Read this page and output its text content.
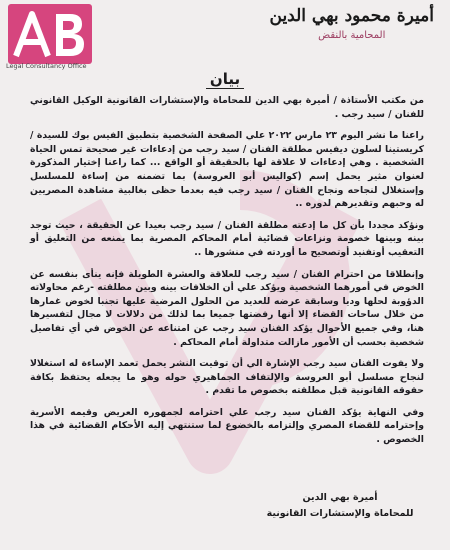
Legal Consultancy Office
أميرة محمود بهي الدين
المحامية بالنقض
بيان

من مكتب الأستاذة / أميرة بهي الدين للمحاماة والإستشارات القانونية الوكيل القانوني للفنان / سيد رجب .

راعنا ما نشر اليوم ٢٣ مارس ٢٠٢٢ علي الصفحة الشخصية بتطبيق الفيس بوك للسيدة / كريستينا لسلون ديفيس مطلقة الفنان / سيد رجب من إدعاءات غير صحيحة تمس الحياة الشخصية . وهي إدعاءات لا علاقة لها بالحقيقة أو الواقع ... كما راعنا إختيار المذكورة لعنوان مثير يحمل إسم (كواليس أبو العروسة) بما تضمنه من إساءة للمسلسل وإستغلال لنجاحه ونجاح الفنان / سيد رجب فيه بعدما حظى بغالبية مشاهدة المصريين له وحبهم وتقديرهم لدوره ..

ونؤكد مجددا بأن كل ما إدعته مطلقة الفنان / سيد رجب بعيدا عن الحقيقة ، حيث توجد بينه وبينها خصومة ونزاعات قضائية أمام المحاكم المصرية بما يمنعه من التعليق أو التعقيب أوتفنيد أوتصحيح ما أوردته في منشورها ..

وإنطلاقا من احترام الفنان / سيد رجب للعلاقة والعشرة الطويلة فإنه ينأى بنفسه عن الخوض في أمورهما الشخصية ويؤكد علي أن الخلافات بينه وبين مطلقته -رغم محاولاته الدؤوبة لحلها وديا وسابقة عرضه للعديد من الحلول المرضية عليها تجنبا لخوض غمارها من خلال ساحات القضاء إلا أنها رفضتها جميعا بما لذلك من دلالات لا مجال لتفسيرها هنا، وفي جميع الأحوال يؤكد الفنان سيد رجب عن امتناعه عن الخوض في أي تفاصيل شخصية بحسب أن الأمور مازالت متداولة أمام المحاكم .

ولا يفوت الفنان سيد رجب الإشارة الي أن توقيت النشر يحمل تعمد الإساءة له استغلالا لنجاح مسلسل أبو العروسة والإلتفاف الجماهيري حوله وهو ما يجعله يحتفظ بكافة حقوقه القانونية قبل مطلقته بخصوص ما تقدم .

وفي النهاية يؤكد الفنان سيد رجب علي احترامه لجمهوره العريض وقيمه الأسرية وإحترامه للقضاء المصري وإلتزامه بالخضوع لما ستنتهي إليه الأحكام القضائية في هذا الخصوص .

أميرة بهي الدين
للمحاماة والإستشارات القانونية
